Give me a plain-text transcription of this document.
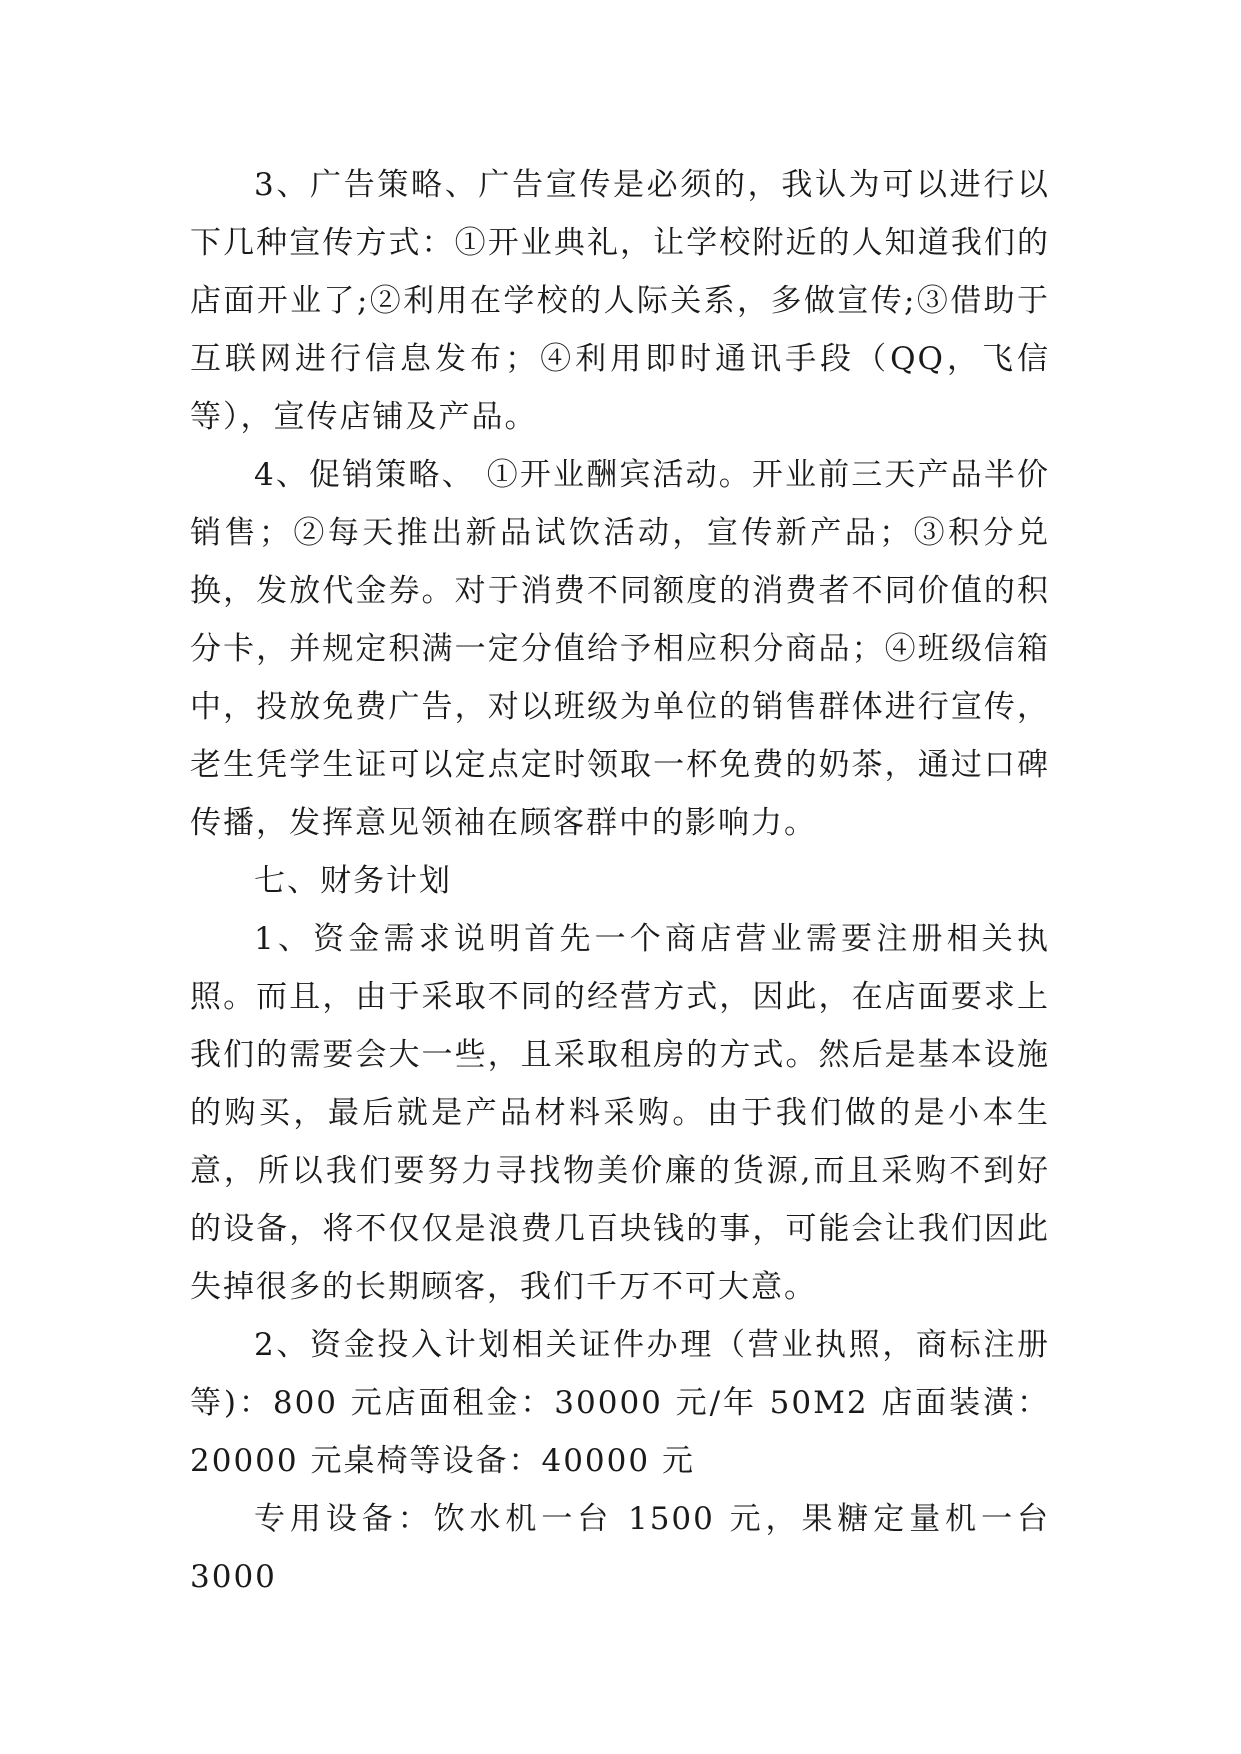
3、广告策略、广告宣传是必须的，我认为可以进行以下几种宣传方式：①开业典礼，让学校附近的人知道我们的店面开业了;②利用在学校的人际关系，多做宣传;③借助于互联网进行信息发布；④利用即时通讯手段（QQ，飞信等），宣传店铺及产品。

4、促销策略、 ①开业酬宾活动。开业前三天产品半价销售；②每天推出新品试饮活动，宣传新产品；③积分兑换，发放代金券。对于消费不同额度的消费者不同价值的积分卡，并规定积满一定分值给予相应积分商品；④班级信箱中，投放免费广告，对以班级为单位的销售群体进行宣传，老生凭学生证可以定点定时领取一杯免费的奶茶，通过口碑传播，发挥意见领袖在顾客群中的影响力。

七、财务计划

1、资金需求说明首先一个商店营业需要注册相关执照。而且，由于采取不同的经营方式，因此，在店面要求上我们的需要会大一些，且采取租房的方式。然后是基本设施的购买，最后就是产品材料采购。由于我们做的是小本生意，所以我们要努力寻找物美价廉的货源,而且采购不到好的设备，将不仅仅是浪费几百块钱的事，可能会让我们因此失掉很多的长期顾客，我们千万不可大意。

2、资金投入计划相关证件办理（营业执照，商标注册等)：800 元店面租金：30000 元/年 50M2 店面装潢：20000 元桌椅等设备：40000 元

专用设备：饮水机一台 1500 元，果糖定量机一台 3000
